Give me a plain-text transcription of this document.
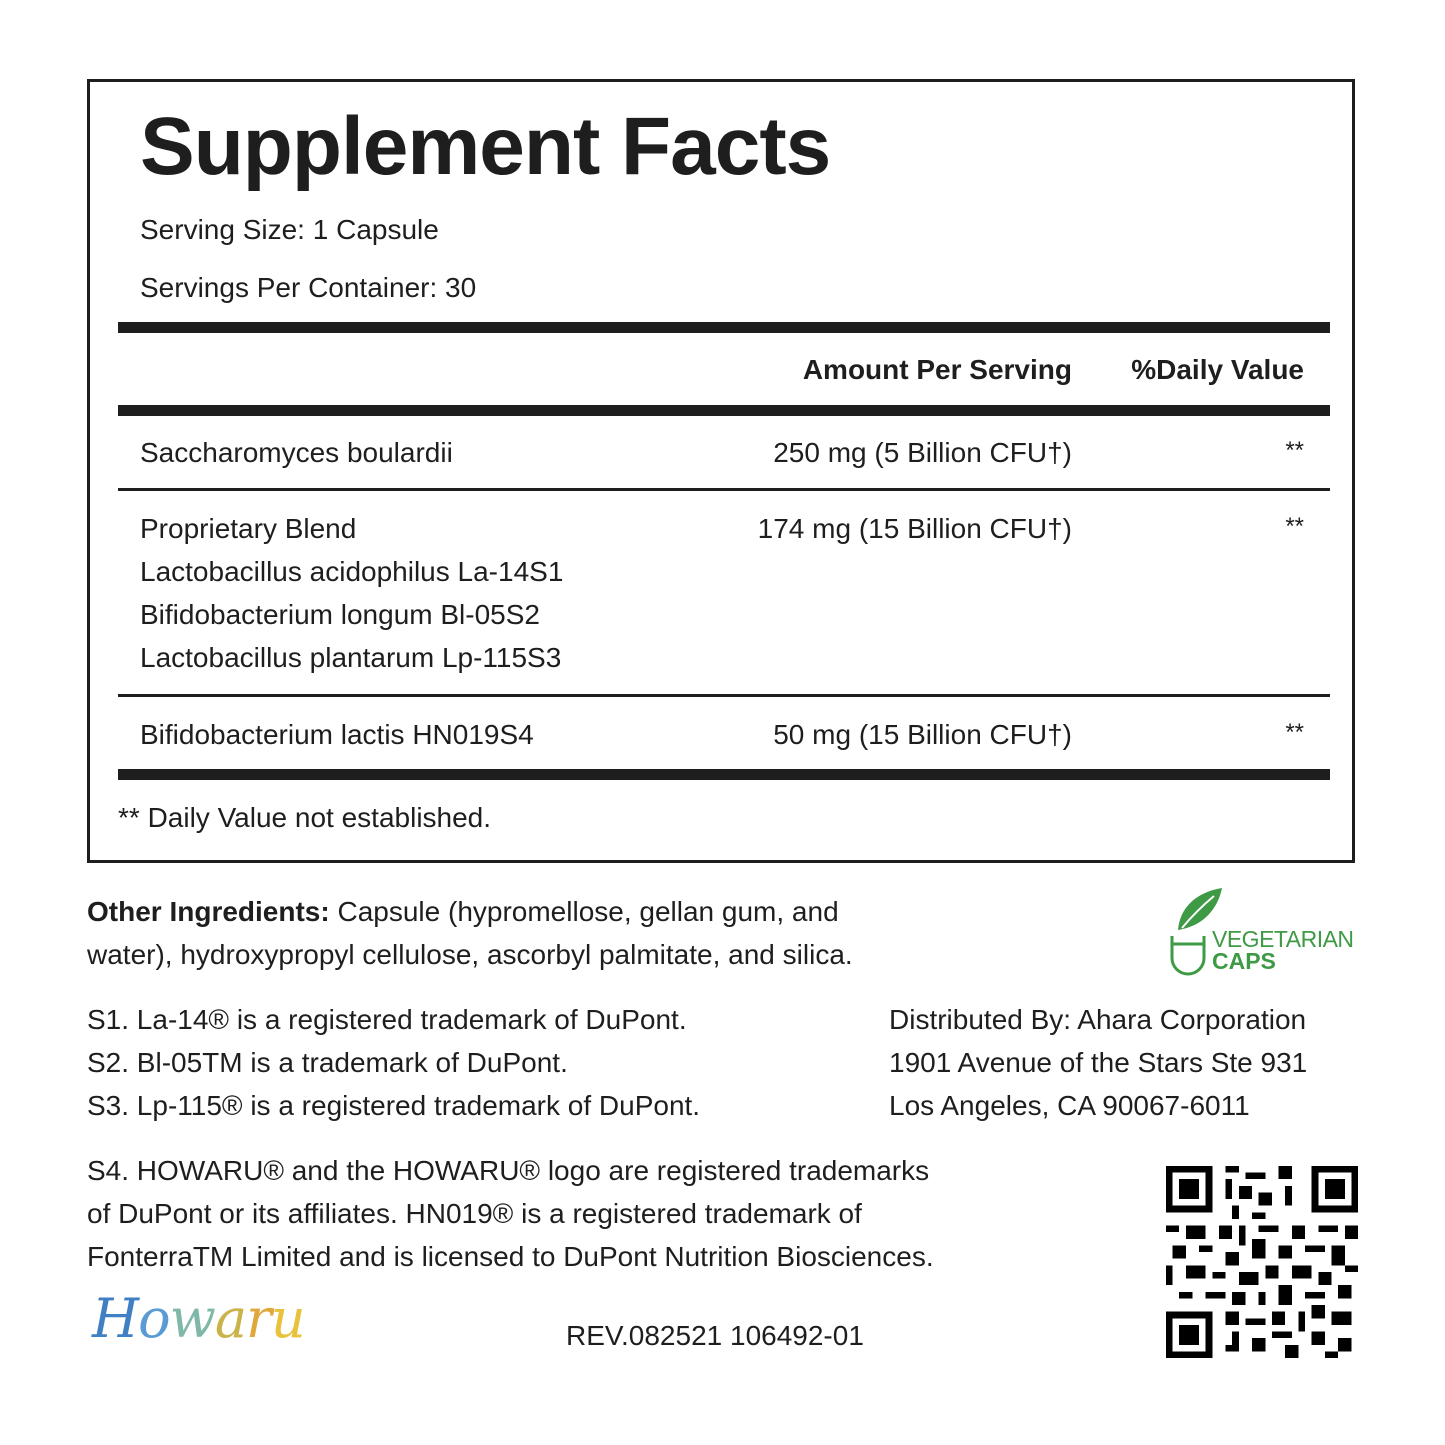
Supplement Facts
Serving Size: 1 Capsule
Servings Per Container: 30
Amount Per Serving %Daily Value
Saccharomyces boulardii	250 mg (5 Billion CFU†)	**
Proprietary Blend
Lactobacillus acidophilus La-14S1
Bifidobacterium longum Bl-05S2
Lactobacillus plantarum Lp-115S3
174 mg (15 Billion CFU†)	**
Bifidobacterium lactis HN019S4	50 mg (15 Billion CFU†)	**
** Daily Value not established.
Other Ingredients: Capsule (hypromellose, gellan gum, and
water), hydroxypropyl cellulose, ascorbyl palmitate, and silica.	VEGETARIAN
CAPS
S1. La-14® is a registered trademark of DuPont.
S2. Bl-05TM is a trademark of DuPont.
S3. Lp-115® is a registered trademark of DuPont.
Distributed By: Ahara Corporation
1901 Avenue of the Stars Ste 931
Los Angeles, CA 90067-6011
S4. HOWARU® and the HOWARU® logo are registered trademarks
of DuPont or its affiliates. HN019® is a registered trademark of
FonterraTM Limited and is licensed to DuPont Nutrition Biosciences.
Howaru	REV.082521 106492-01
